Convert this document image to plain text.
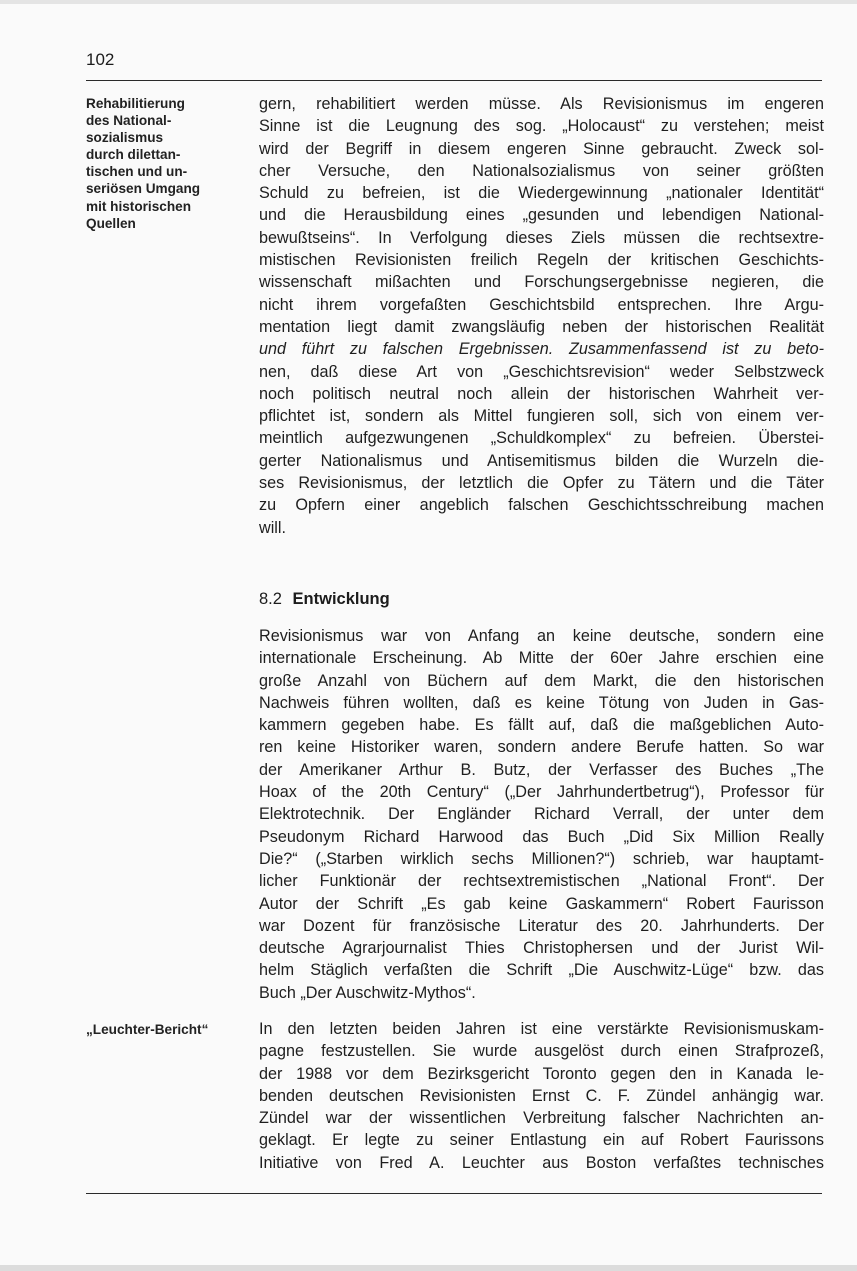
102
Rehabilitierung
des National-
sozialismus
durch dilettan-
tischen und un-
seriösen Umgang
mit historischen
Quellen
gern, rehabilitiert werden müsse. Als Revisionismus im engeren
Sinne ist die Leugnung des sog. „Holocaust“ zu verstehen; meist
wird der Begriff in diesem engeren Sinne gebraucht. Zweck sol-
cher Versuche, den Nationalsozialismus von seiner größten
Schuld zu befreien, ist die Wiedergewinnung „nationaler Identität“
und die Herausbildung eines „gesunden und lebendigen National-
bewußtseins“. In Verfolgung dieses Ziels müssen die rechtsextre-
mistischen Revisionisten freilich Regeln der kritischen Geschichts-
wissenschaft mißachten und Forschungsergebnisse negieren, die
nicht ihrem vorgefaßten Geschichtsbild entsprechen. Ihre Argu-
mentation liegt damit zwangsläufig neben der historischen Realität
und führt zu falschen Ergebnissen. Zusammenfassend ist zu beto-
nen, daß diese Art von „Geschichtsrevision“ weder Selbstzweck
noch politisch neutral noch allein der historischen Wahrheit ver-
pflichtet ist, sondern als Mittel fungieren soll, sich von einem ver-
meintlich aufgezwungenen „Schuldkomplex“ zu befreien. Überstei-
gerter Nationalismus und Antisemitismus bilden die Wurzeln die-
ses Revisionismus, der letztlich die Opfer zu Tätern und die Täter
zu Opfern einer angeblich falschen Geschichtsschreibung machen
will.
8.2 Entwicklung
Revisionismus war von Anfang an keine deutsche, sondern eine
internationale Erscheinung. Ab Mitte der 60er Jahre erschien eine
große Anzahl von Büchern auf dem Markt, die den historischen
Nachweis führen wollten, daß es keine Tötung von Juden in Gas-
kammern gegeben habe. Es fällt auf, daß die maßgeblichen Auto-
ren keine Historiker waren, sondern andere Berufe hatten. So war
der Amerikaner Arthur B. Butz, der Verfasser des Buches „The
Hoax of the 20th Century“ („Der Jahrhundertbetrug“), Professor für
Elektrotechnik. Der Engländer Richard Verrall, der unter dem
Pseudonym Richard Harwood das Buch „Did Six Million Really
Die?“ („Starben wirklich sechs Millionen?“) schrieb, war hauptamt-
licher Funktionär der rechtsextremistischen „National Front“. Der
Autor der Schrift „Es gab keine Gaskammern“ Robert Faurisson
war Dozent für französische Literatur des 20. Jahrhunderts. Der
deutsche Agrarjournalist Thies Christophersen und der Jurist Wil-
helm Stäglich verfaßten die Schrift „Die Auschwitz-Lüge“ bzw. das
Buch „Der Auschwitz-Mythos“.
„Leuchter-Bericht“	In den letzten beiden Jahren ist eine verstärkte Revisionismuskam-
pagne festzustellen. Sie wurde ausgelöst durch einen Strafprozeß,
der 1988 vor dem Bezirksgericht Toronto gegen den in Kanada le-
benden deutschen Revisionisten Ernst C. F. Zündel anhängig war.
Zündel war der wissentlichen Verbreitung falscher Nachrichten an-
geklagt. Er legte zu seiner Entlastung ein auf Robert Faurissons
Initiative von Fred A. Leuchter aus Boston verfaßtes technisches
